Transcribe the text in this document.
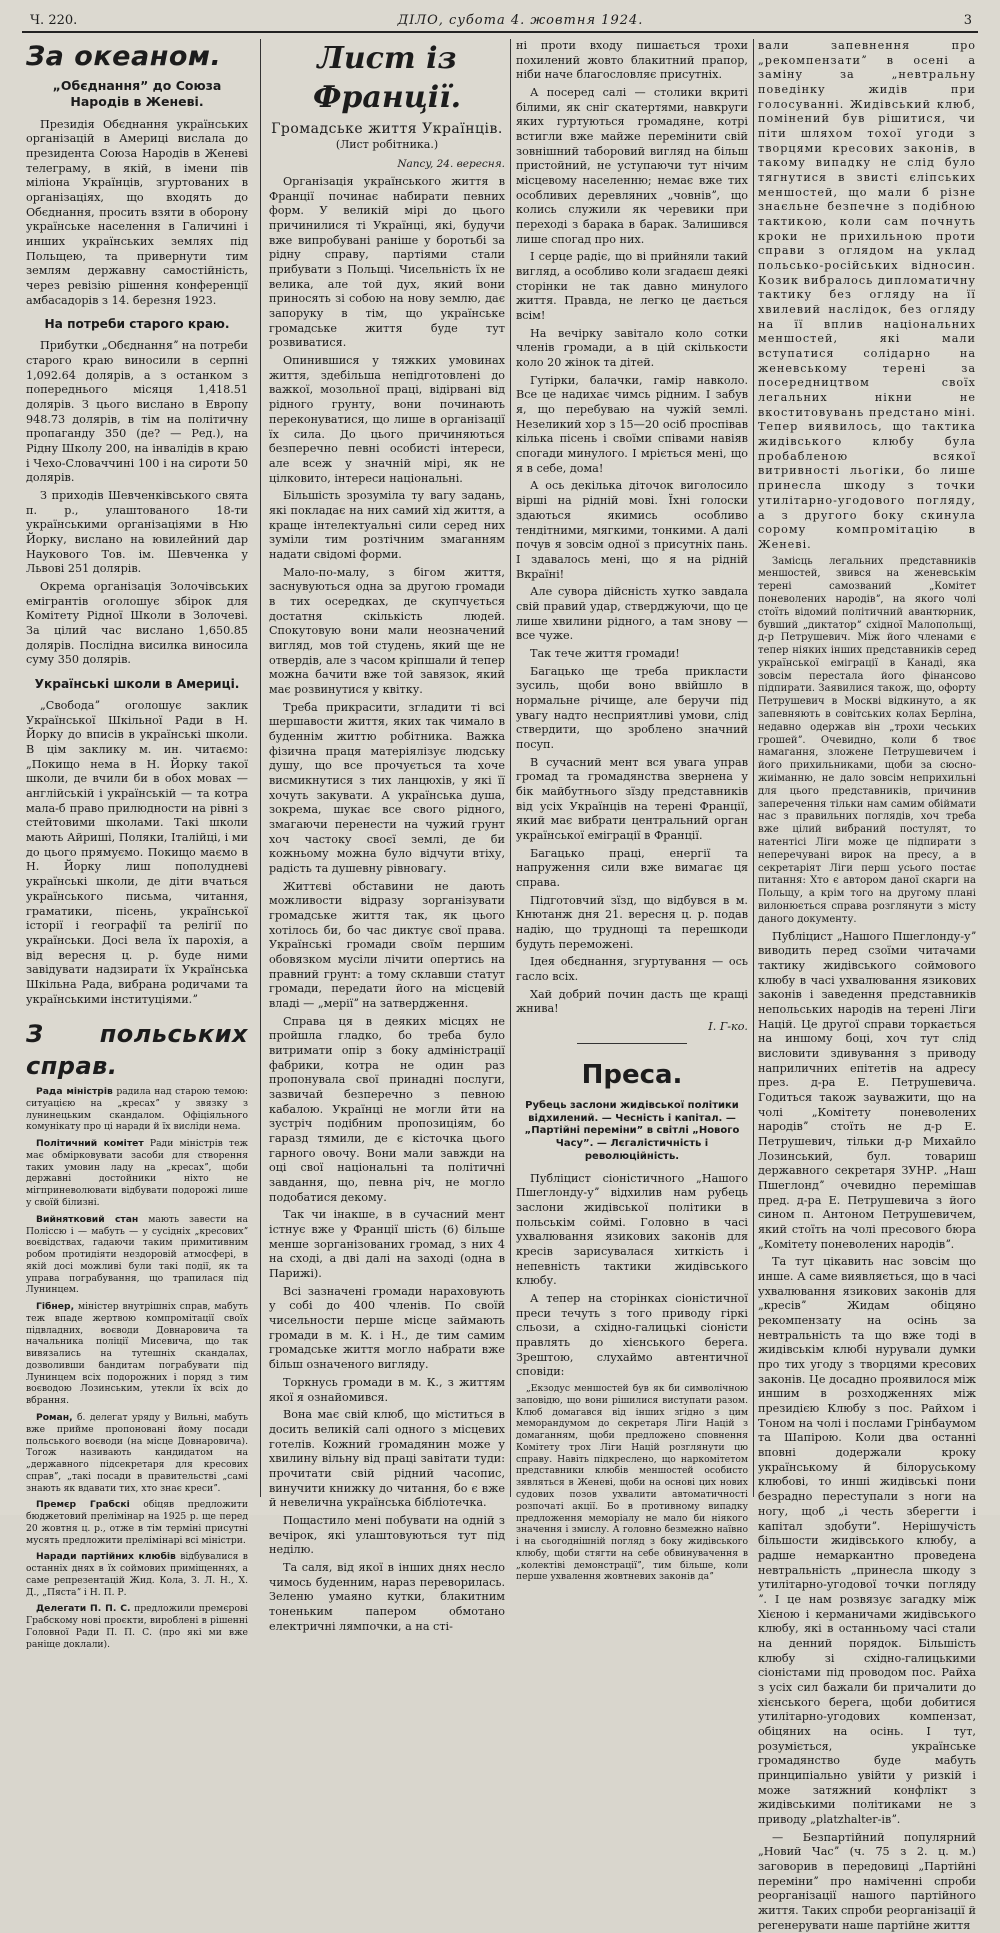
Ч. 220.	ДІЛО, субота 4. жовтня 1924.	3
За океаном.
„Обєднанняˮ до Союза Народів в Женеві.

Президія Обєднання українських організацій в Америці вислала до президента Союза Народів в Женеві телеграму, в якій, в імени пів міліона Українців, згуртованих в організаціях, що входять до Обєднання, просить взяти в оборону українське населення в Галичині і инших українських землях під Польщею, та привернути тим землям державну самостійність, через ревізію рішення конференції амбасадорів з 14. березня 1923.

На потреби старого краю.

Прибутки „Обєднанняˮ на потреби старого краю виносили в серпні 1,092.64 долярів, а з останком з попереднього місяця 1,418.51 долярів. З цього вислано в Европу 948.73 долярів, в тім на політичну пропаганду 350 (де? — Ред.), на Рідну Школу 200, на інвалідів в краю і Чехо-Словаччині 100 і на сироти 50 долярів.

З приходів Шевченківського свята п. р., улаштованого 18-ти українськими організаціями в Ню Йорку, вислано на ювилейний дар Наукового Тов. ім. Шевченка у Львові 251 долярів.

Окрема організація Золочівських емігрантів оголошує збірок для Комітету Рідної Школи в Золочеві. За цілий час вислано 1,650.85 долярів. Послідна висилка виносила суму 350 долярів.

Українські школи в Америці.

„Свободаˮ оголошує заклик Української Шкільної Ради в Н. Йорку до вписів в українські школи. В цім заклику м. ин. читаємо: „Покищо нема в Н. Йорку такої школи, де вчили би в обох мовах — англійській і українській — та котра мала-б право прилюдности на рівні з стейтовими школами. Такі школи мають Айриші, Поляки, Італійці, і ми до цього прямуємо. Покищо маємо в Н. Йорку лиш пополудневі українські школи, де діти вчаться українського письма, читання, граматики, пісень, української історії і географії та релігії по українськи. Досі вела їх парохія, а від вересня ц. р. буде ними завідувати надзирати їх Українська Шкільна Рада, вибрана родичами та українськими інституціями.ˮ

З польських справ.

Рада міністрів радила над старою темою: ситуацією на „кресахˮ у звязку з лунинецьким скандалом. Офіціяльного комунікату про ці наради й їх висліди нема.

Політичний комітет Ради міністрів теж має обмірковувати засоби для створення таких умовин ладу на „кресахˮ, щоби державні достойники ніхто не мігприневолювати відбувати подорожі лише у своїй білизні.

Вийнятковий стан мають завести на Поліссю і — мабуть — у сусідніх „кресовихˮ воєвідствах, гадаючи таким примитивним робом протидіяти нездоровій атмосфері, в якій досі можливі були такі події, як та управа пограбування, що трапилася під Лунинцем.

Гібнер, міністер внутрішніх справ, мабуть теж впаде жертвою компромітації своїх підвладних, воєводи Довнаровича та начальника поліції Мисевича, що так вивязались на тутешніх скандалах, дозволивши бандитам пограбувати під Лунинцем всіх подорожних і поряд з тим воєводою Лозинським, утекли їх всіх до вбрання.

Роман, б. делегат уряду у Вильні, мабуть вже прийме пропоновані йому посади польського воєводи (на місце Довнаровича). Тогож називають кандидатом на „державного підсекретаря для кресових справˮ, „такі посади в правительстві „самі знають як вдавати тих, хто знає кресиˮ.

Премєр Грабскі обіцяв предложити бюджетовий прелімінар на 1925 р. ще перед 20 жовтня ц. р., отже в тім терміні присутні мусять предложити прелімінарі всі міністри.

Наради партійних клюбів відбувалися в останніх днях в їх соймових приміщеннях, а саме репрезентацій Жид. Кола, З. Л. Н., Х. Д., „Пястаˮ і Н. П. Р.

Делегати П. П. С. предложили премєрові Грабскому нові проєкти, вироблені в рішенні Головної Ради П. П. С. (про які ми вже раніще доклали).

Лист із Франції.
Громадське життя Українців.
(Лист робітника.)
Nancy, 24. вересня.

Організація українського життя в Франції починає набирати певних форм. У великій мірі до цього причинилися ті Українці, які, будучи вже випробувані раніше у боротьбі за рідну справу, партіями стали прибувати з Польщі. Чисельність їх не велика, але той дух, який вони приносять зі собою на нову землю, дає запоруку в тім, що українське громадське життя буде тут розвиватися.

Опинившися у тяжких умовинах життя, здебільша непідготовлені до важкої, мозольної праці, відірвані від рідного грунту, вони починають переконуватися, що лише в організації їх сила. До цього причиняються безперечно певні особисті інтереси, але всеж у значній мірі, як не цілковито, інтереси національні.

Більшість зрозуміла ту вагу задань, які покладає на них самий хід життя, а краще інтелектуальні сили серед них зуміли тим розтічним змаганням надати свідомі форми.

Мало-по-малу, з бігом життя, заснувуються одна за другою громади в тих осередках, де скупчується достатня скількість людей. Спокутовую вони мали неозначений вигляд, мов той студень, який ще не отвердів, але з часом кріпшали й тепер можна бачити вже той завязок, який має розвинутися у квітку.

Треба прикрасити, згладити ті всі шершавости життя, яких так чимало в буденнім життю робітника. Важка фізична праця матеріялізує людську душу, що все прочується та хоче висмикнутися з тих ланцюхів, у які її хочуть закувати. А українська душа, зокрема, шукає все свого рідного, змагаючи перенести на чужий грунт хоч частоку своєї землі, де би кожньому можна було відчути втіху, радість та душевну рівновагу.

Життєві обставини не дають можливости відразу зорганізувати громадське життя так, як цього хотілось би, бо час диктує свої права. Українські громади своїм першим обовязком мусіли лічити опертись на правний грунт: а тому склавши статут громади, передати його на місцевій владі — „меріїˮ на затвердження.

Справа ця в деяких місцях не пройшла гладко, бо треба було витримати опір з боку адміністрації фабрики, котра не один раз пропонувала свої принадні послуги, зазвичай безперечно з певною кабалою. Українці не могли йти на зустріч подібним пропозиціям, бо гаразд тямили, де є кісточка цього гарного овочу. Вони мали завжди на оці свої національні та політичні завдання, що, певна річ, не могло подобатися декому.

Так чи інакше, в в сучасний мент істнує вже у Франції шість (6) більше менше зорганізованих громад, з них 4 на сході, а дві далі на заході (одна в Парижі).

Всі зазначені громади нараховують у собі до 400 членів. По своїй чисельности перше місце займають громади в м. К. і Н., де тим самим громадське життя могло набрати вже більш означеного вигляду.

Торкнусь громади в м. К., з життям якої я ознайомився.

Вона має свій клюб, що міститься в досить великій салі одного з місцевих готелів. Кожний громадянин може у хвилину вільну від праці завітати туди: прочитати свій рідний часопис, винучити книжку до читання, бо є вже й невелична українська бібліотечка.

Пощастило мені побувати на одній з вечірок, які улаштовуються тут під неділю.

Та саля, від якої в інших днях несло чимось буденним, нараз переворилась. Зеленю умаяно кутки, блакитним тоненьким папером обмотано електричні лямпочки, а на сті-

ні проти входу пишається трохи похилений жовто блакитний прапор, ніби наче благословляє присутніх.

А посеред салі — столики вкриті білими, як сніг скатертями, навкруги яких гуртуються громадяне, котрі встигли вже майже перемінити свій зовнішний таборовий вигляд на більш пристойний, не уступаючи тут нічим місцевому населенню; немає вже тих особливих деревляних „човнівˮ, що колись служили як черевики при переході з барака в барак. Залишився лише спогад про них.

І серце радіє, що ві прийняли такий вигляд, а особливо коли згадаєш деякі сторінки не так давно минулого життя. Правда, не легко це дається всім!

На вечірку завітало коло сотки членів громади, а в цій скількости коло 20 жінок та дітей.

Гутірки, балачки, гамір навколо. Все це надихає чимсь рідним. І забув я, що перебуваю на чужій землі. Незеликий хор з 15—20 осіб проспівав кілька пісень і своїми співами навіяв спогади минулого. І мріється мені, що я в себе, дома!

А ось декілька діточок виголосило вірші на рідній мові. Їхні голоски здаються якимись особливо тендітними, мягкими, тонкими. А далі почув я зовсім одної з присутніх пань. І здавалось мені, що я на рідній Вкраїні!

Але сувора дійсність хутко завдала свій правий удар, стверджуючи, що це лише хвилини рідного, а там знову — все чуже.

Так тече життя громади!

Багацько ще треба прикласти зусиль, щоби воно ввійшло в нормальне річище, але беручи під увагу надто несприятливі умови, слід ствердити, що зроблено значний посуп.

В сучасний мент вся увага управ громад та громадянства звернена у бік майбутнього зїзду представників від усіх Українців на терені Франції, який має вибрати центральний орган української еміграції в Франції.

Багацько праці, енергії та напруження сили вже вимагає ця справа.

Підготовчий зїзд, що відбувся в м. Кнютанж дня 21. вересня ц. р. подав надію, що труднощі та перешкоди будуть переможені.

Ідея обєднання, згуртування — ось гасло всіх.

Хай добрий почин дасть ще кращі жнива!

І. Г-ко.
Преса.
Рубець заслони жидівської політики відхилений. — Чесність і капітал. — „Партійні переміниˮ в світлі „Нового Часуˮ. — Лєгалістичність і революційність.

Публіцист сіоністичного „Нашого Пшеглонду-уˮ відхилив нам рубець заслони жидівської політики в польськім соймі. Головно в часі ухвалювання язикових законів для кресів зарисувалася хиткість і непевність тактики жидівського клюбу.

А тепер на сторінках сіоністичної преси течуть з того приводу гіркі сльози, а східно-галицькі сіоністи правлять до хієнського берега. Зрештою, слухаймо автентичної сповіди:

„Екзодус меншостей був як би символічною заповідю, що вони рішилися виступати разом. Клюб домагався від інших згідно з цим меморандумом до секретаря Ліги Націй з домаганням, щоби предложено сповнення Комітету трох Ліги Націй розглянути цю справу. Навіть підкреслено, що наркомітетом представники клюбів меншостей особисто зявляться в Женеві, щоби на основі цих нових судових позов ухвалити автоматичності розпочаті акції. Бо в противному випадку предложення меморіалу не мало би ніякого значення і змислу. А головно безмежно наївно і на сьогоднішній погляд з боку жидівського клюбу, щоби стягти на себе обвинувачення в „колектіві демонстраціїˮ, тим більше, коли перше ухвалення жовтневих законів даˮ

вали запевнення про „рекомпензатиˮ в осені а заміну за „невтральну поведінку жидів при голосуванні. Жидівський клюб, помінений був рішитися, чи піти шляхом тохої угоди з творцями кресових законів, в такому випадку не слід було тягнутися в звисті єліпських меншостей, що мали б різне знаєльне безпечне з подібною тактикою, коли сам почнуть кроки не прихильною проти справи з оглядом на уклад польсько-російських відносин. Козик вибралось дипломатичну тактику без огляду на її хвилевий наслідок, без огляду на її вплив національних меншостей, які мали вступатися солідарно на женевському терені за посередництвом своїх легальних нікни не вкоститовувань предстано міні. Тепер виявилось, що тактика жидівського клюбу була пробабленою всякої витривності льогіки, бо лише принесла шкоду з точки утилітарно-угодового погляду, а з другого боку скинула сорому компромітацію в Женеві.

Замісць легальних представників меншостей, звився на женевськім терені самозваний „Комітет поневолених народівˮ, на якого чолі стоїть відомий політичний авантюрник, бувший „диктаторˮ східної Малопольщі, д-р Петрушевич. Між його членами є тепер ніяких інших представників серед української еміграції в Канаді, яка зовсім перестала його фінансово підпирати. Заявилися також, що, офорту Петрушевич в Москві відкинуто, а як запевняють в совітських колах Берліна, недавно одержав він „трохи чеських грошейˮ. Очевидно, коли б твоє намагання, зложене Петрушевичем і його прихильниками, щоби за сюсно-жиіманню, не дало зовсім неприхильні для цього представників, причинив заперечення тільки нам самим обіймати нас з правильних поглядів, хоч треба вже цілий вибраний постулят, то натентісі Ліги може це підпирати з неперечувані вирок на пресу, а в секретаріят Ліги перш усього постає питання: Хто є автором даної скарги на Польщу, а крім того на другому плані вилонюється справа розглянути з місту даного документу.

Публіцист „Нашого Пшеглонду-уˮ виводить перед сзоїми читачами тактику жидівського соймового клюбу в часі ухвалювання язикових законів і заведення представників непольських народів на терені Ліги Націй. Це другої справи торкається на иншому боці, хоч тут слід висловити здивування з приводу наприличних епітетів на адресу през. д-ра Е. Петрушевича. Годиться також зауважити, що на чолі „Комітету поневолених народівˮ стоїть не д-р Е. Петрушевич, тільки д-р Михайло Лозинський, бул. товариш державного секретаря ЗУНР. „Наш Пшеглондˮ очевидно перемішав пред. д-ра Е. Петрушевича з його сином п. Антоном Петрушевичем, який стоїть на чолі пресового бюра „Комітету поневолених народівˮ.

Та тут цікавить нас зовсім що инше. А саме виявляється, що в часі ухвалювання язикових законів для „кресівˮ Жидам обіцяно рекомпензату на осінь за невтральність та що вже тоді в жидівськім клюбі нурували думки про тих угоду з творцями кресових законів. Це досадно проявилося між иншим в розходженнях між президією Клюбу з пос. Райхом і Тоном на чолі і послами Грінбаумом та Шапірою. Коли два останні вповні додержали кроку українському й білоруському клюбові, то инші жидівські пони безрадно переступали з ноги на ногу, щоб „і честь зберегти і капітал здобутиˮ. Нерішучість більшости жидівського клюбу, а радше немаркантно проведена невтральність „принесла шкоду з утилітарно-угодової точки погляду ˮ. І це нам розвязує загадку між Хієною і керманичами жидівського клюбу, які в останньому часі стали на денний порядок. Більшість клюбу зі східно-галицькими сіоністами під проводом пос. Райха з усіх сил бажали би причалити до хієнського берега, щоби добитися утилітарно-угодових компензат, обіцяних на осінь. І тут, розуміється, українське громадянство буде мабуть принципіально увійти у ризкій і може затяжний конфлікт з жидівськими політиками не з приводу „platzhalter-івˮ.

— Безпартійний популярний „Новий Часˮ (ч. 75 з 2. ц. м.) заговорив в передовиці „Партійні переміниˮ про наміченні спроби реорганізації нашого партійного життя. Таких спроби реорганізації й регенерувати наше партійне життя
